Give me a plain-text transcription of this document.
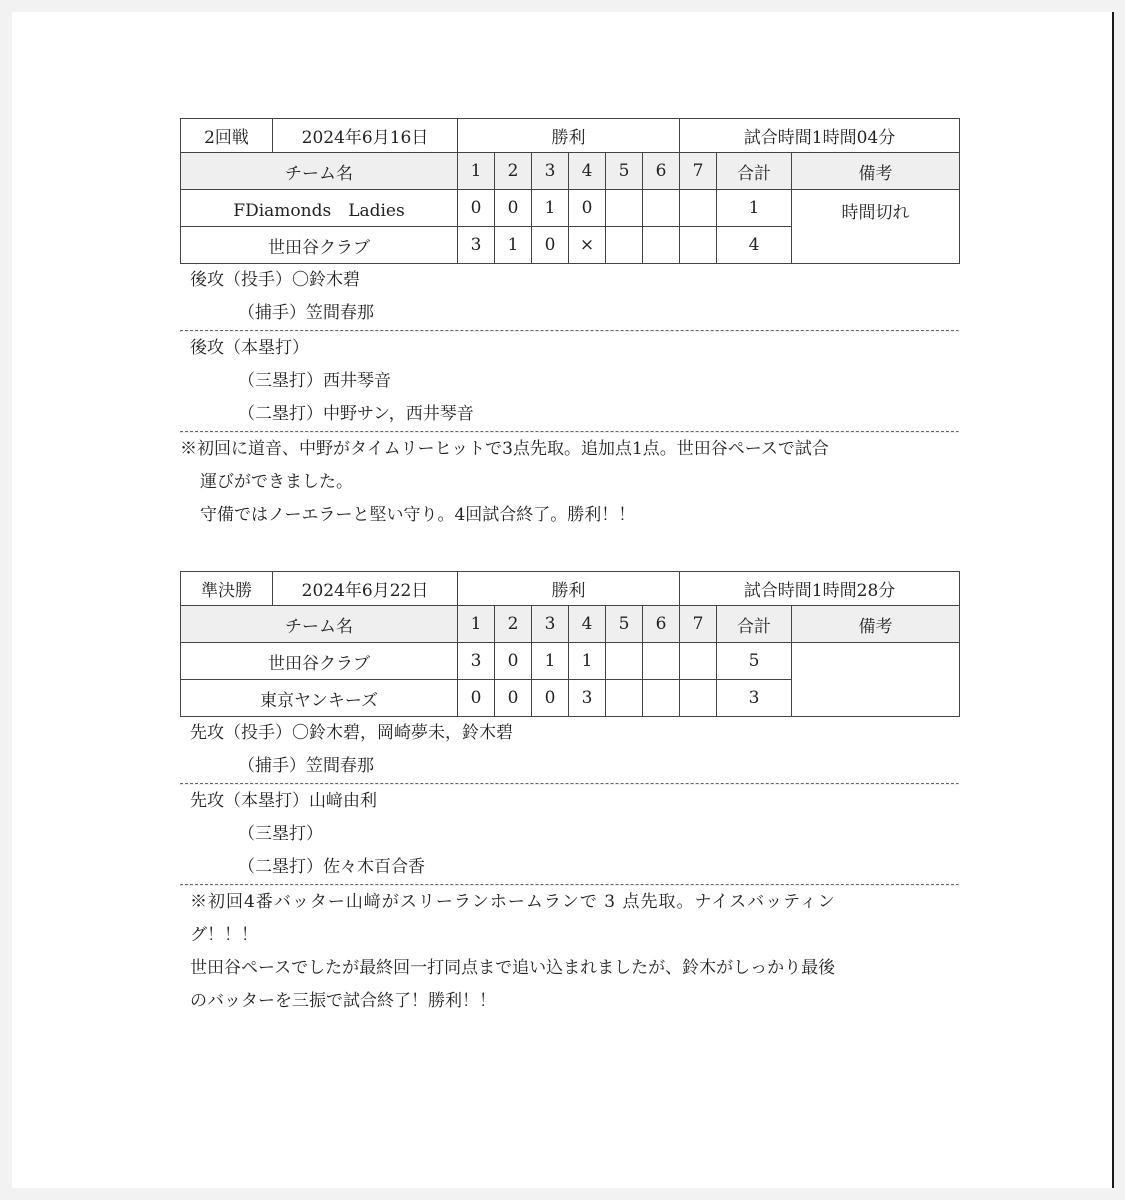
2回戦	2024年6月16日	勝利						試合時間1時間04分		
チーム名		1	2	3	4	5	6	7	合計	備考
FDiamonds　Ladies		0	0	1	0				1	時間切れ
世田谷クラブ		3	1	0	×				4	
後攻（投手）〇鈴木碧
（捕手）笠間春那
後攻（本塁打）
（三塁打）西井琴音
（二塁打）中野サン，西井琴音
※初回に道音、中野がタイムリーヒットで3点先取。追加点1点。世田谷ペースで試合
運びができました。
守備ではノーエラーと堅い守り。4回試合終了。勝利！！
準決勝	2024年6月22日	勝利						試合時間1時間28分		
チーム名		1	2	3	4	5	6	7	合計	備考
世田谷クラブ		3	0	1	1				5	
東京ヤンキーズ		0	0	0	3				3	
先攻（投手）〇鈴木碧，岡崎夢未，鈴木碧
（捕手）笠間春那
先攻（本塁打）山﨑由利
（三塁打）
（二塁打）佐々木百合香
※初回4番バッター山﨑がスリーランホームランで 3 点先取。ナイスバッティン
グ！！！
世田谷ペースでしたが最終回一打同点まで追い込まれましたが、鈴木がしっかり最後
のバッターを三振で試合終了！勝利！！
